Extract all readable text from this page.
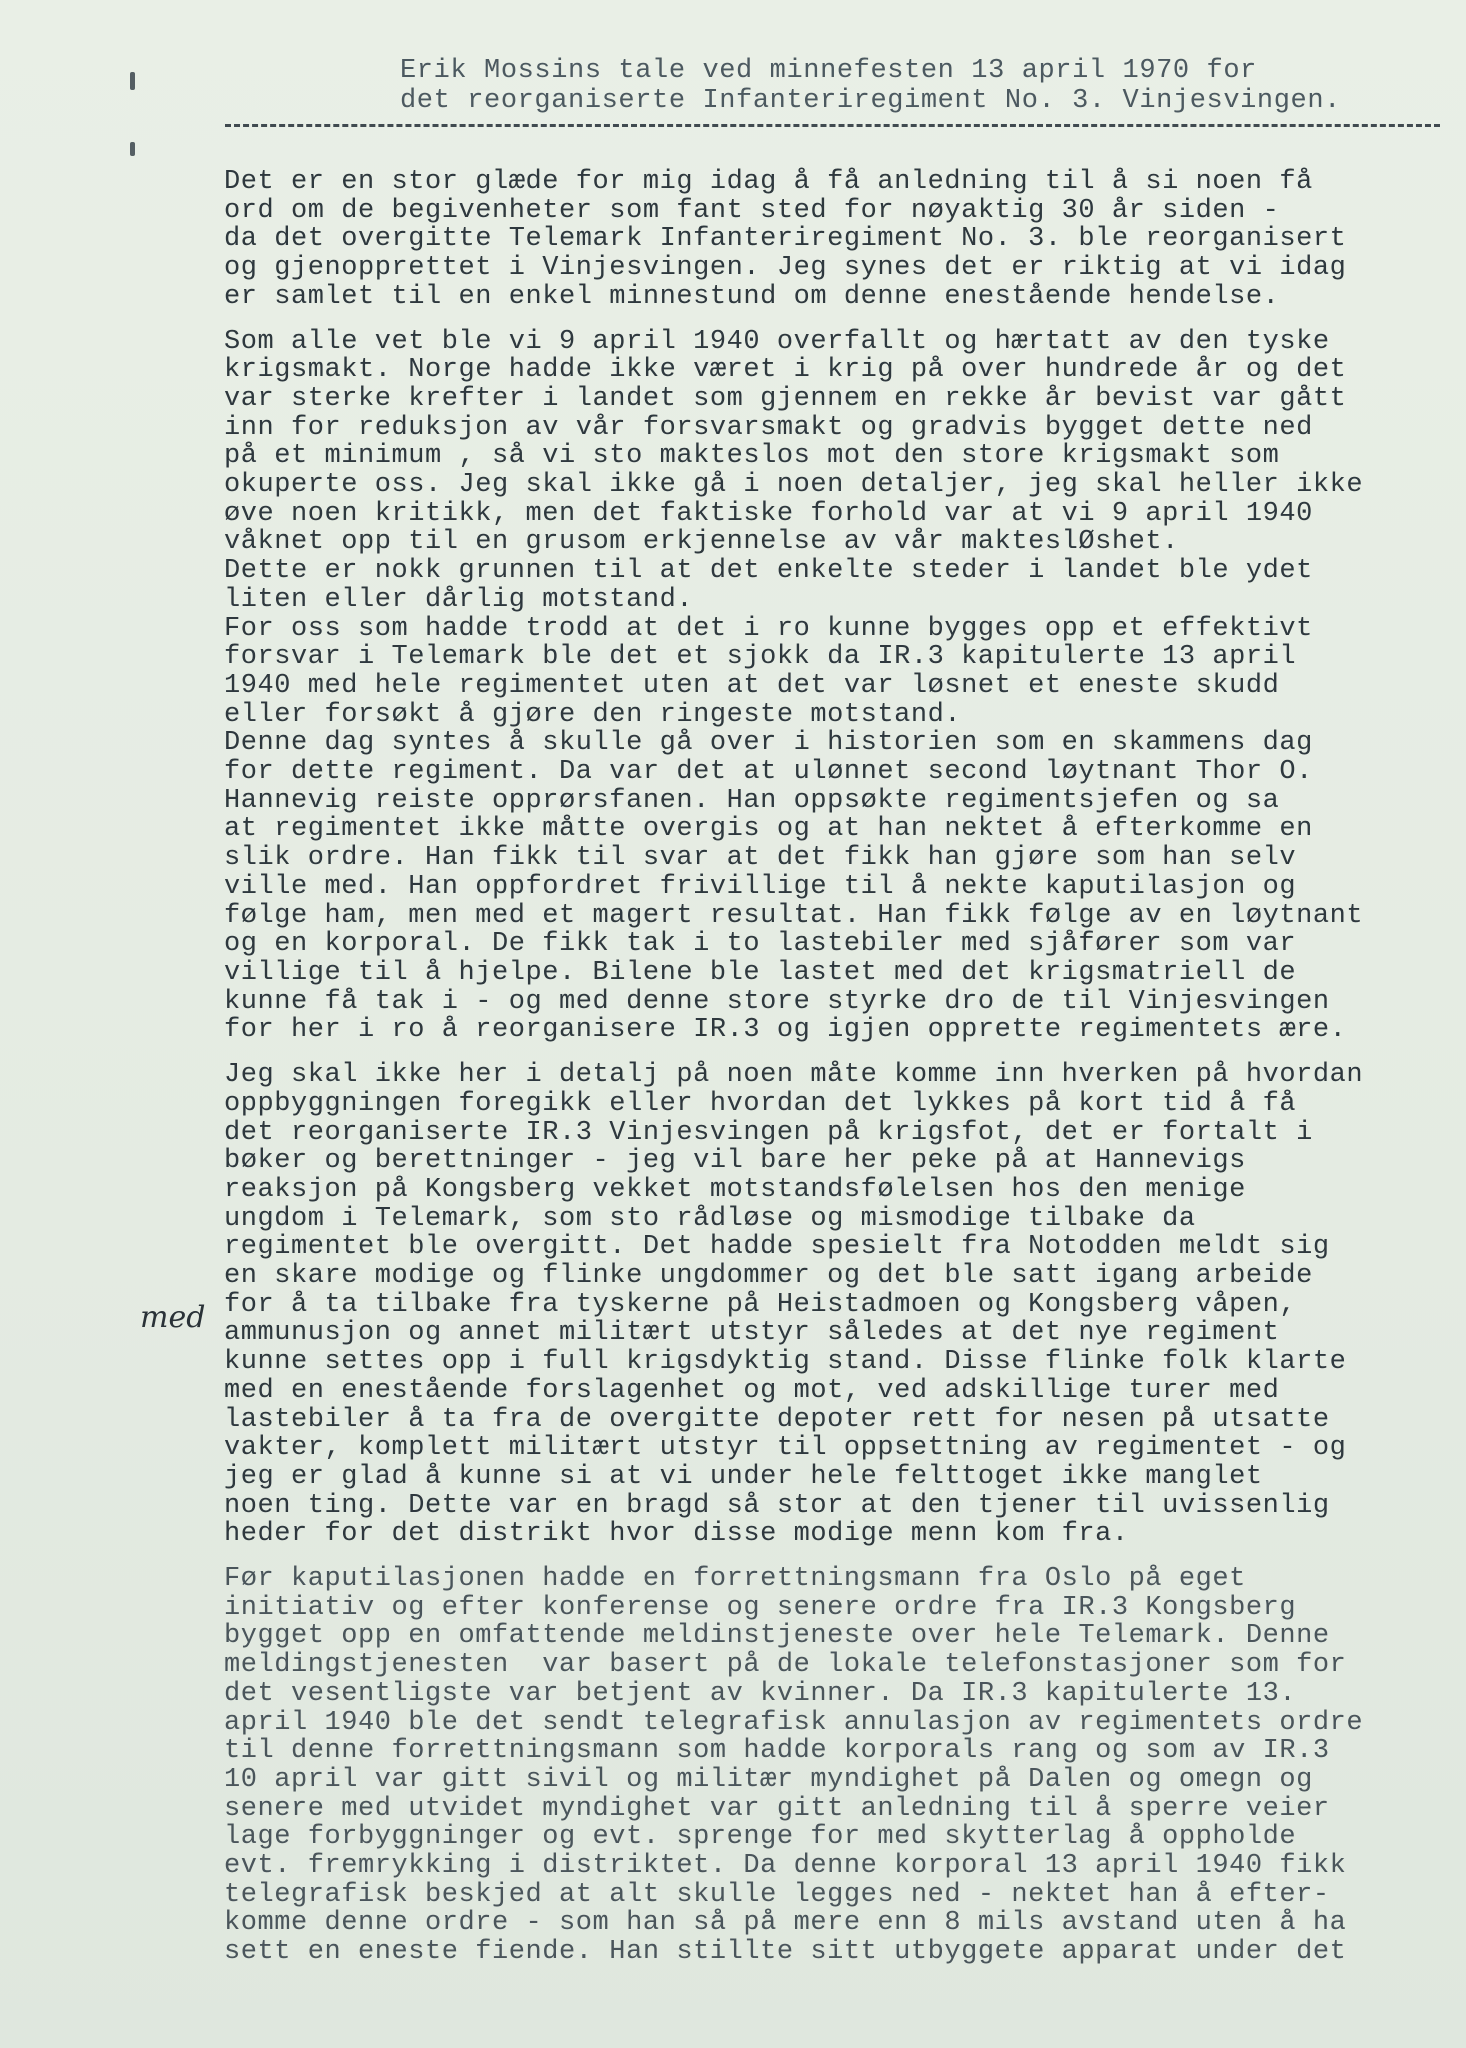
Erik Mossins tale ved minnefesten 13 april 1970 for
det reorganiserte Infanteriregiment No. 3. Vinjesvingen.
med
Det er en stor glæde for mig idag å få anledning til å si noen få
ord om de begivenheter som fant sted for nøyaktig 30 år siden -
da det overgitte Telemark Infanteriregiment No. 3. ble reorganisert
og gjenopprettet i Vinjesvingen. Jeg synes det er riktig at vi idag
er samlet til en enkel minnestund om denne enestående hendelse.
Som alle vet ble vi 9 april 1940 overfallt og hærtatt av den tyske
krigsmakt. Norge hadde ikke været i krig på over hundrede år og det
var sterke krefter i landet som gjennem en rekke år bevist var gått
inn for reduksjon av vår forsvarsmakt og gradvis bygget dette ned
på et minimum , så vi sto makteslos mot den store krigsmakt som
okuperte oss. Jeg skal ikke gå i noen detaljer, jeg skal heller ikke
øve noen kritikk, men det faktiske forhold var at vi 9 april 1940
våknet opp til en grusom erkjennelse av vår makteslØshet.
Dette er nokk grunnen til at det enkelte steder i landet ble ydet
liten eller dårlig motstand.
For oss som hadde trodd at det i ro kunne bygges opp et effektivt
forsvar i Telemark ble det et sjokk da IR.3 kapitulerte 13 april
1940 med hele regimentet uten at det var løsnet et eneste skudd
eller forsøkt å gjøre den ringeste motstand.
Denne dag syntes å skulle gå over i historien som en skammens dag
for dette regiment. Da var det at ulønnet second løytnant Thor O.
Hannevig reiste opprørsfanen. Han oppsøkte regimentsjefen og sa
at regimentet ikke måtte overgis og at han nektet å efterkomme en
slik ordre. Han fikk til svar at det fikk han gjøre som han selv
ville med. Han oppfordret frivillige til å nekte kaputilasjon og
følge ham, men med et magert resultat. Han fikk følge av en løytnant
og en korporal. De fikk tak i to lastebiler med sjåfører som var
villige til å hjelpe. Bilene ble lastet med det krigsmatriell de
kunne få tak i - og med denne store styrke dro de til Vinjesvingen
for her i ro å reorganisere IR.3 og igjen opprette regimentets ære.
Jeg skal ikke her i detalj på noen måte komme inn hverken på hvordan
oppbyggningen foregikk eller hvordan det lykkes på kort tid å få
det reorganiserte IR.3 Vinjesvingen på krigsfot, det er fortalt i
bøker og berettninger - jeg vil bare her peke på at Hannevigs
reaksjon på Kongsberg vekket motstandsfølelsen hos den menige
ungdom i Telemark, som sto rådløse og mismodige tilbake da
regimentet ble overgitt. Det hadde spesielt fra Notodden meldt sig
en skare modige og flinke ungdommer og det ble satt igang arbeide
for å ta tilbake fra tyskerne på Heistadmoen og Kongsberg våpen,
ammunusjon og annet militært utstyr således at det nye regiment
kunne settes opp i full krigsdyktig stand. Disse flinke folk klarte
med en enestående forslagenhet og mot, ved adskillige turer med
lastebiler å ta fra de overgitte depoter rett for nesen på utsatte
vakter, komplett militært utstyr til oppsettning av regimentet - og
jeg er glad å kunne si at vi under hele felttoget ikke manglet
noen ting. Dette var en bragd så stor at den tjener til uvissenlig
heder for det distrikt hvor disse modige menn kom fra.
Før kaputilasjonen hadde en forrettningsmann fra Oslo på eget
initiativ og efter konferense og senere ordre fra IR.3 Kongsberg
bygget opp en omfattende meldinstjeneste over hele Telemark. Denne
meldingstjenesten  var basert på de lokale telefonstasjoner som for
det vesentligste var betjent av kvinner. Da IR.3 kapitulerte 13.
april 1940 ble det sendt telegrafisk annulasjon av regimentets ordre
til denne forrettningsmann som hadde korporals rang og som av IR.3
10 april var gitt sivil og militær myndighet på Dalen og omegn og
senere med utvidet myndighet var gitt anledning til å sperre veier
lage forbyggninger og evt. sprenge for med skytterlag å oppholde
evt. fremrykking i distriktet. Da denne korporal 13 april 1940 fikk
telegrafisk beskjed at alt skulle legges ned - nektet han å efter-
komme denne ordre - som han så på mere enn 8 mils avstand uten å ha
sett en eneste fiende. Han stillte sitt utbyggete apparat under det
